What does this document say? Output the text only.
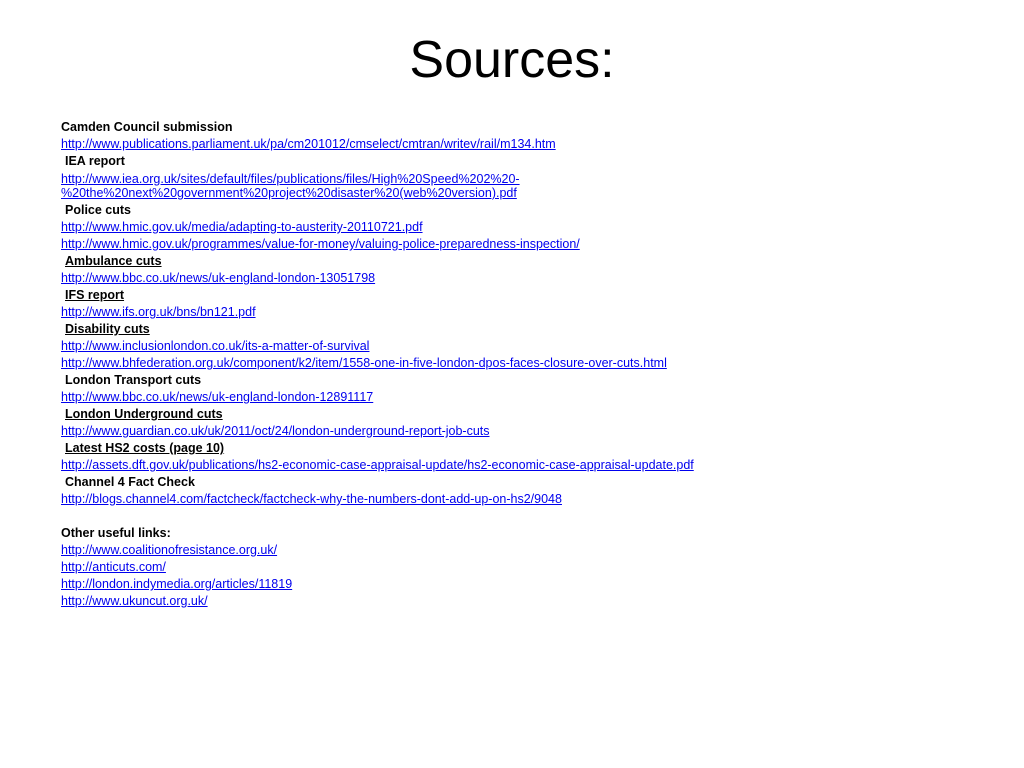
Sources:
Camden Council submission
http://www.publications.parliament.uk/pa/cm201012/cmselect/cmtran/writev/rail/m134.htm
IEA report
http://www.iea.org.uk/sites/default/files/publications/files/High%20Speed%202%20-
%20the%20next%20government%20project%20disaster%20(web%20version).pdf
Police cuts
http://www.hmic.gov.uk/media/adapting-to-austerity-20110721.pdf
http://www.hmic.gov.uk/programmes/value-for-money/valuing-police-preparedness-inspection/
Ambulance cuts
http://www.bbc.co.uk/news/uk-england-london-13051798
IFS report
http://www.ifs.org.uk/bns/bn121.pdf
Disability cuts
http://www.inclusionlondon.co.uk/its-a-matter-of-survival
http://www.bhfederation.org.uk/component/k2/item/1558-one-in-five-london-dpos-faces-closure-over-cuts.html
London Transport cuts
http://www.bbc.co.uk/news/uk-england-london-12891117
London Underground cuts
http://www.guardian.co.uk/uk/2011/oct/24/london-underground-report-job-cuts
Latest HS2 costs (page 10)
http://assets.dft.gov.uk/publications/hs2-economic-case-appraisal-update/hs2-economic-case-appraisal-update.pdf
Channel 4 Fact Check
http://blogs.channel4.com/factcheck/factcheck-why-the-numbers-dont-add-up-on-hs2/9048
Other useful links:
http://www.coalitionofresistance.org.uk/
http://anticuts.com/
http://london.indymedia.org/articles/11819
http://www.ukuncut.org.uk/
